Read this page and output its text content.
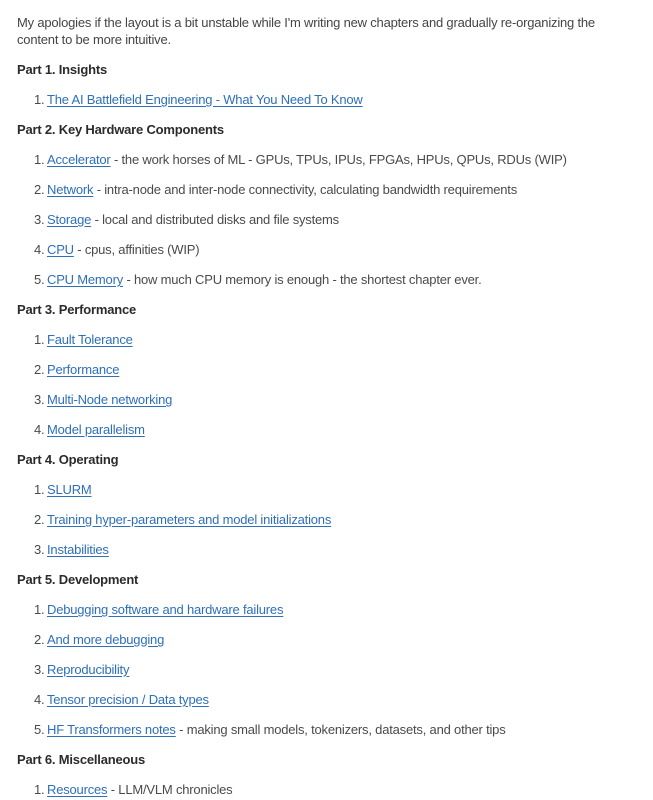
My apologies if the layout is a bit unstable while I'm writing new chapters and gradually re-organizing the content to be more intuitive.

Part 1. Insights

1. The AI Battlefield Engineering - What You Need To Know

Part 2. Key Hardware Components

1. Accelerator - the work horses of ML - GPUs, TPUs, IPUs, FPGAs, HPUs, QPUs, RDUs (WIP)
2. Network - intra-node and inter-node connectivity, calculating bandwidth requirements
3. Storage - local and distributed disks and file systems
4. CPU - cpus, affinities (WIP)
5. CPU Memory - how much CPU memory is enough - the shortest chapter ever.

Part 3. Performance

1. Fault Tolerance
2. Performance
3. Multi-Node networking
4. Model parallelism

Part 4. Operating

1. SLURM
2. Training hyper-parameters and model initializations
3. Instabilities

Part 5. Development

1. Debugging software and hardware failures
2. And more debugging
3. Reproducibility
4. Tensor precision / Data types
5. HF Transformers notes - making small models, tokenizers, datasets, and other tips

Part 6. Miscellaneous

1. Resources - LLM/VLM chronicles
